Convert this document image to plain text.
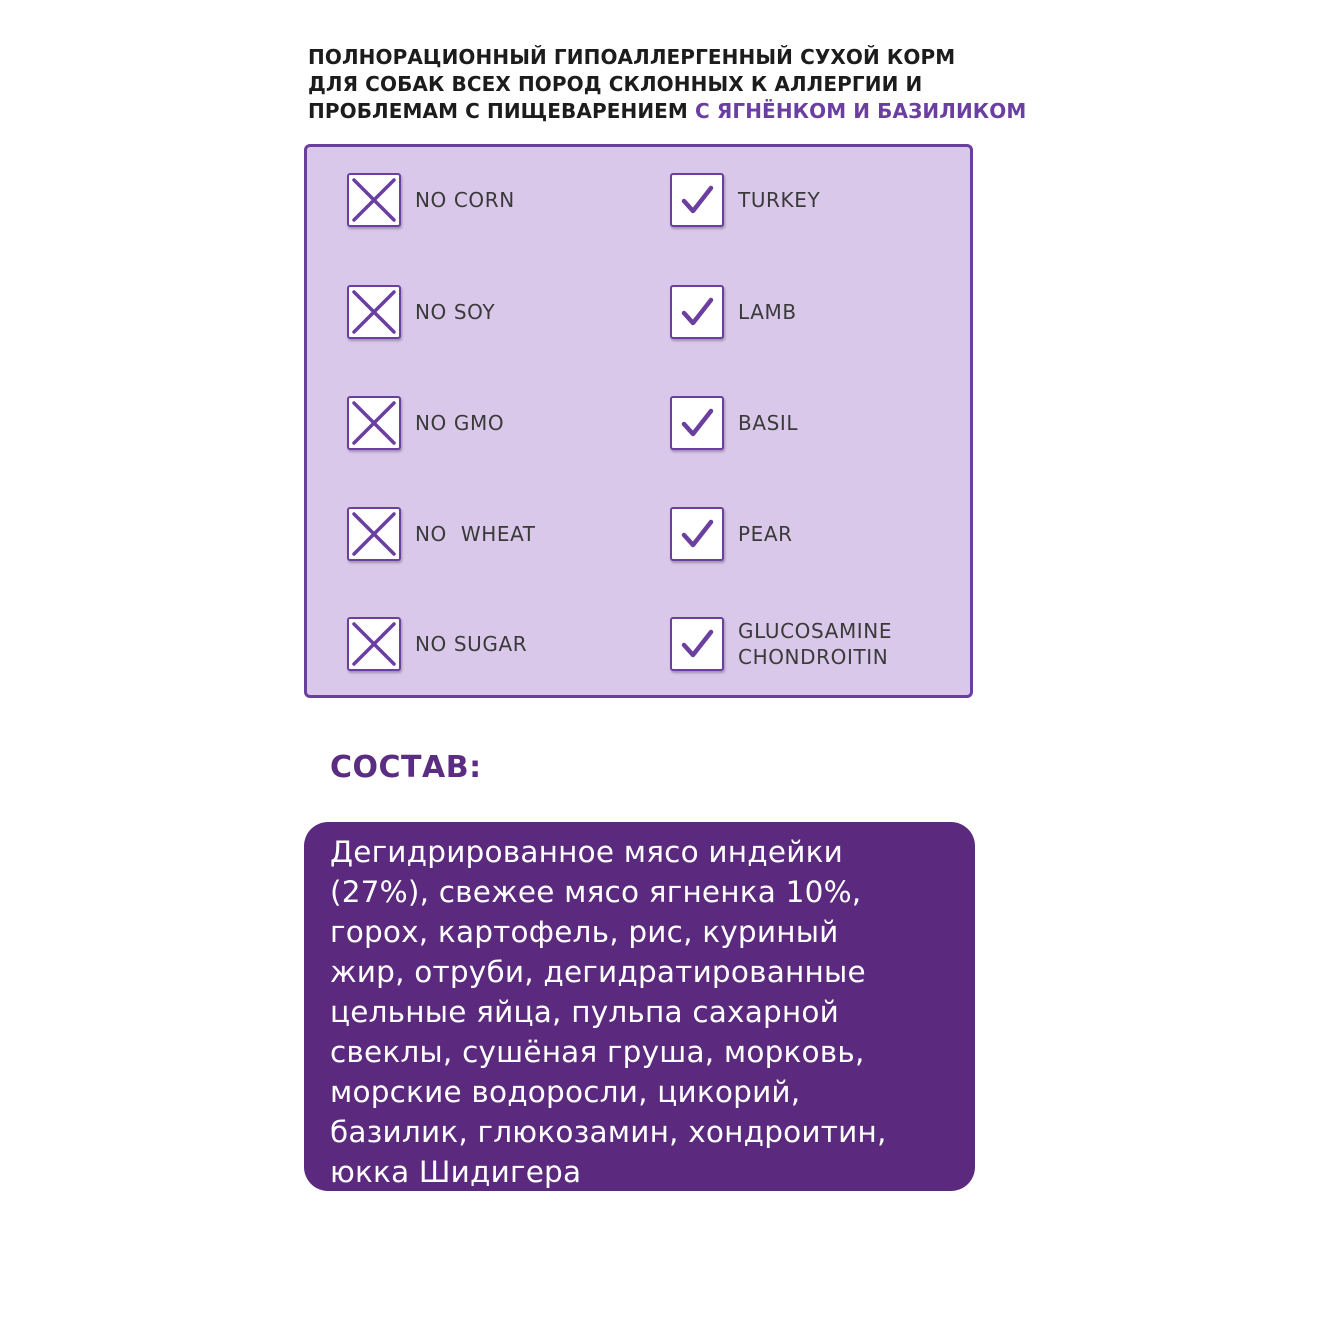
ПОЛНОРАЦИОННЫЙ ГИПОАЛЛЕРГЕННЫЙ СУХОЙ КОРМ
ДЛЯ СОБАК ВСЕХ ПОРОД СКЛОННЫХ К АЛЛЕРГИИ И
ПРОБЛЕМАМ С ПИЩЕВАРЕНИЕМ С ЯГНЁНКОМ И БАЗИЛИКОМ
NO CORN
NO SOY
NO GMO
NO  WHEAT
NO SUGAR
TURKEY
LAMB
BASIL
PEAR
GLUCOSAMINE
CHONDROITIN
СОСТАВ:
Дегидрированное мясо индейки
(27%), свежее мясо ягненка 10%,
горох, картофель, рис, куриный
жир, отруби, дегидратированные
цельные яйца, пульпа сахарной
свеклы, сушёная груша, морковь,
морские водоросли, цикорий,
базилик, глюкозамин, хондроитин,
юкка Шидигера
